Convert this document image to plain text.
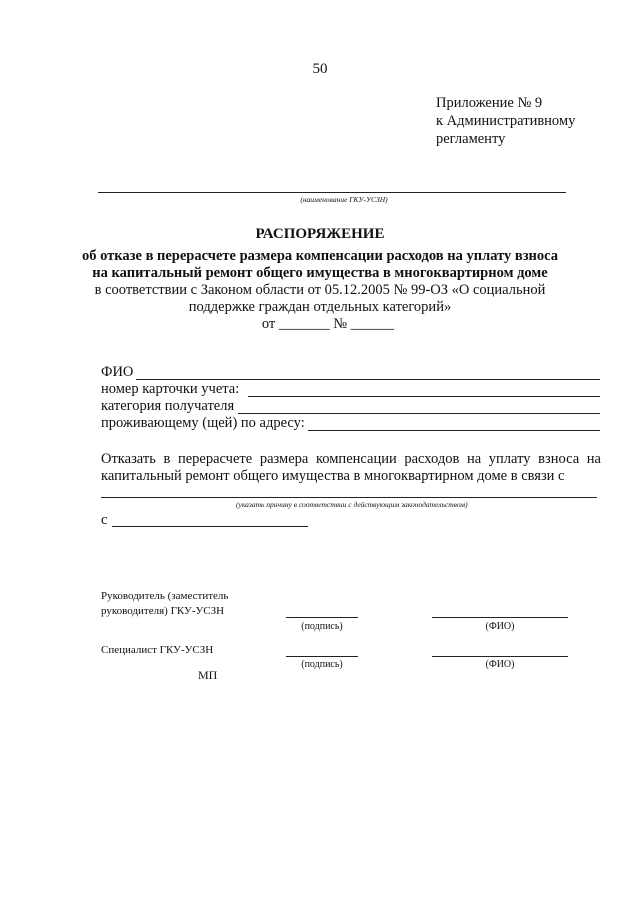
50
Приложение № 9
к Административному
регламенту
(наименование ГКУ-УСЗН)
РАСПОРЯЖЕНИЕ
об отказе в перерасчете размера компенсации расходов на уплату взноса
на капитальный ремонт общего имущества в многоквартирном доме
в соответствии с Законом области от 05.12.2005 № 99-ОЗ «О социальной
поддержке граждан отдельных категорий»
от _______ № ______
ФИО
номер карточки учета:
категория получателя
проживающему (щей) по адресу:
Отказать в перерасчете размера компенсации расходов на уплату взноса на
капитальный ремонт общего имущества в многоквартирном доме в связи с
(указать причину в соответствии с действующим законодательством)
с
Руководитель (заместитель
руководителя) ГКУ-УСЗН
(подпись)	(ФИО)
Специалист ГКУ-УСЗН
(подпись)	(ФИО)
МП
